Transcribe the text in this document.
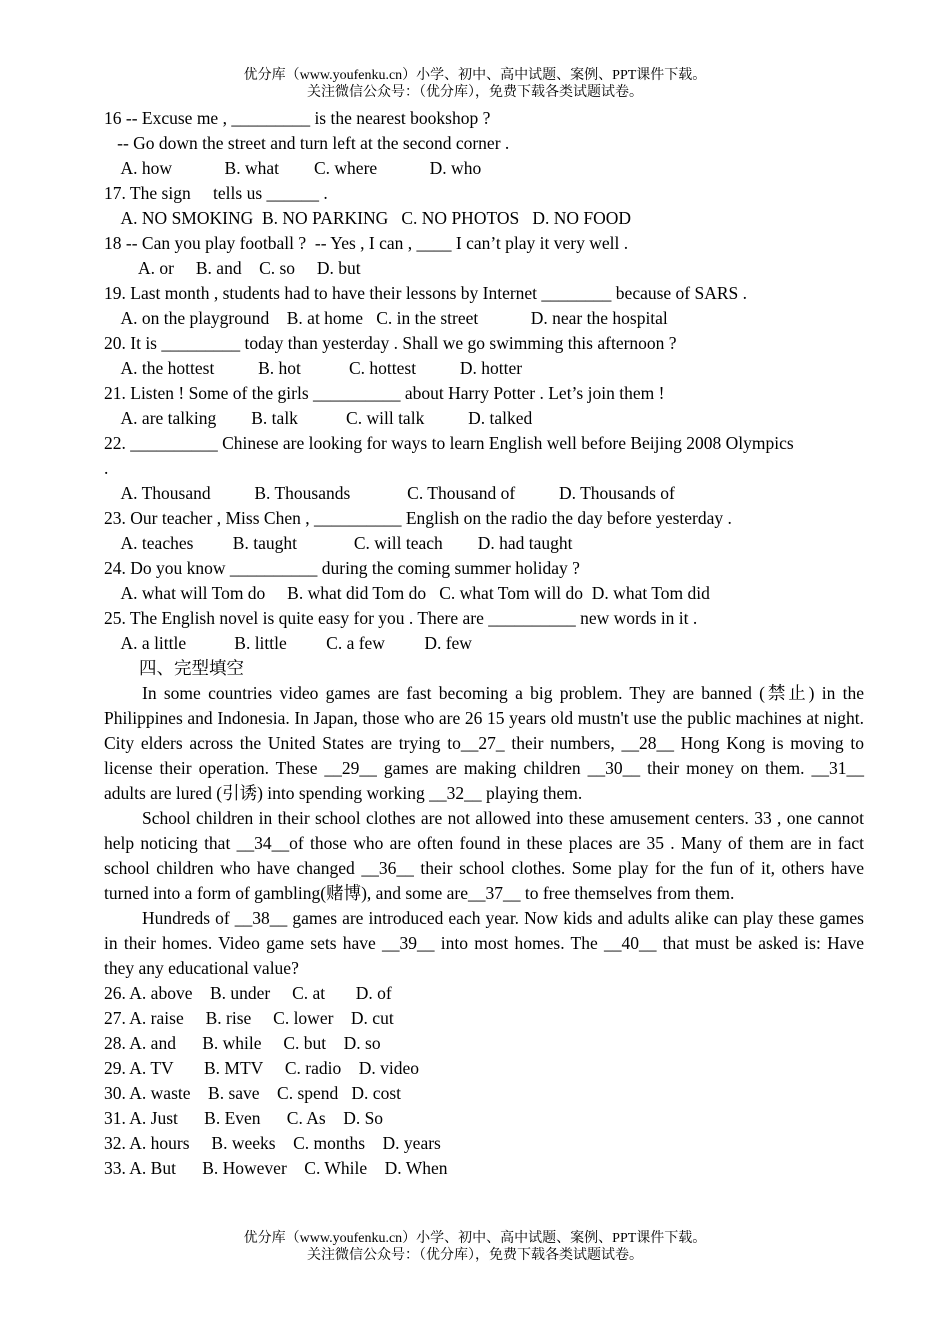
优分库（www.youfenku.cn）小学、初中、高中试题、案例、PPT课件下载。
关注微信公众号：（优分库），免费下载各类试题试卷。
16 -- Excuse me , _________ is the nearest bookshop ?
-- Go down the street and turn left at the second corner .
A. how            B. what        C. where            D. who
17. The sign   tells us ______ .
A. NO SMOKING  B. NO PARKING   C. NO PHOTOS   D. NO FOOD
18 -- Can you play football ?  -- Yes , I can , ____ I can’t play it very well .
A. or     B. and    C. so     D. but
19. Last month , students had to have their lessons by Internet ________ because of SARS .
A. on the playground    B. at home   C. in the street            D. near the hospital
20. It is _________ today than yesterday . Shall we go swimming this afternoon ?
A. the hottest          B. hot           C. hottest          D. hotter
21. Listen ! Some of the girls __________ about Harry Potter . Let’s join them !
A. are talking        B. talk           C. will talk          D. talked
22. __________ Chinese are looking for ways to learn English well before Beijing 2008 Olympics
.
A. Thousand          B. Thousands             C. Thousand of          D. Thousands of
23. Our teacher , Miss Chen , __________ English on the radio the day before yesterday .
A. teaches         B. taught             C. will teach        D. had taught
24. Do you know __________ during the coming summer holiday ?
A. what will Tom do     B. what did Tom do   C. what Tom will do  D. what Tom did
25. The English novel is quite easy for you . There are __________ new words in it .
A. a little           B. little         C. a few         D. few
四、完型填空
In some countries video games are fast becoming a big problem. They are banned (禁止) in the Philippines and Indonesia. In Japan, those who are 26 15 years old mustn't use the public machines at night. City elders across the United States are trying to__27_ their numbers, __28__ Hong Kong is moving to license their operation. These __29__ games are making children __30__ their money on them. __31__ adults are lured (引诱) into spending working __32__ playing them.
School children in their school clothes are not allowed into these amusement centers. 33 , one cannot help noticing that __34__of those who are often found in these places are 35 . Many of them are in fact school children who have changed __36__ their school clothes. Some play for the fun of it, others have turned into a form of gambling(赌博), and some are__37__ to free themselves from them.
Hundreds of __38__ games are introduced each year. Now kids and adults alike can play these games in their homes. Video game sets have __39__ into most homes. The __40__ that must be asked is: Have they any educational value?
26. A. above    B. under     C. at       D. of
27. A. raise     B. rise     C. lower    D. cut
28. A. and      B. while     C. but    D. so
29. A. TV       B. MTV     C. radio    D. video
30. A. waste    B. save    C. spend   D. cost
31. A. Just      B. Even      C. As    D. So
32. A. hours     B. weeks    C. months    D. years
33. A. But      B. However    C. While    D. When
优分库（www.youfenku.cn）小学、初中、高中试题、案例、PPT课件下载。
关注微信公众号：（优分库），免费下载各类试题试卷。
